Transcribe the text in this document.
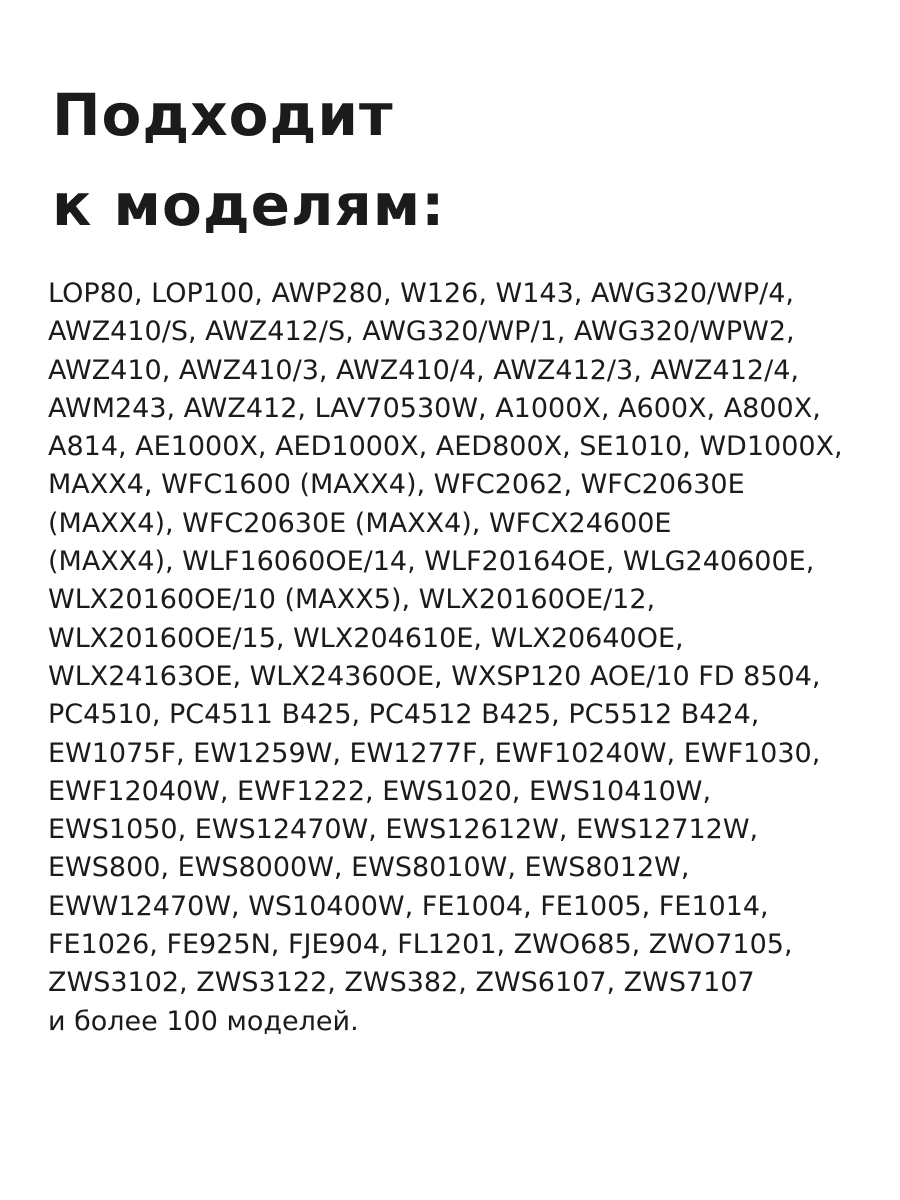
Подходит
к моделям:
LOP80, LOP100, AWP280, W126, W143, AWG320/WP/4,
AWZ410/S, AWZ412/S, AWG320/WP/1, AWG320/WPW2,
AWZ410, AWZ410/3, AWZ410/4, AWZ412/3, AWZ412/4,
AWM243, AWZ412, LAV70530W, A1000X, A600X, A800X,
A814, AE1000X, AED1000X, AED800X, SE1010, WD1000X,
MAXX4, WFC1600 (MAXX4), WFC2062, WFC20630E
(MAXX4), WFC20630E (MAXX4), WFCX24600E
(MAXX4), WLF16060OE/14, WLF20164OE, WLG240600E,
WLX20160OE/10 (MAXX5), WLX20160OE/12,
WLX20160OE/15, WLX204610E, WLX20640OE,
WLX24163OE, WLX24360OE, WXSP120 AOE/10 FD 8504,
PC4510, PC4511 B425, PC4512 B425, PC5512 B424,
EW1075F, EW1259W, EW1277F, EWF10240W, EWF1030,
EWF12040W, EWF1222, EWS1020, EWS10410W,
EWS1050, EWS12470W, EWS12612W, EWS12712W,
EWS800, EWS8000W, EWS8010W, EWS8012W,
EWW12470W, WS10400W, FE1004, FE1005, FE1014,
FE1026, FE925N, FJE904, FL1201, ZWO685, ZWO7105,
ZWS3102, ZWS3122, ZWS382, ZWS6107, ZWS7107
и более 100 моделей.
